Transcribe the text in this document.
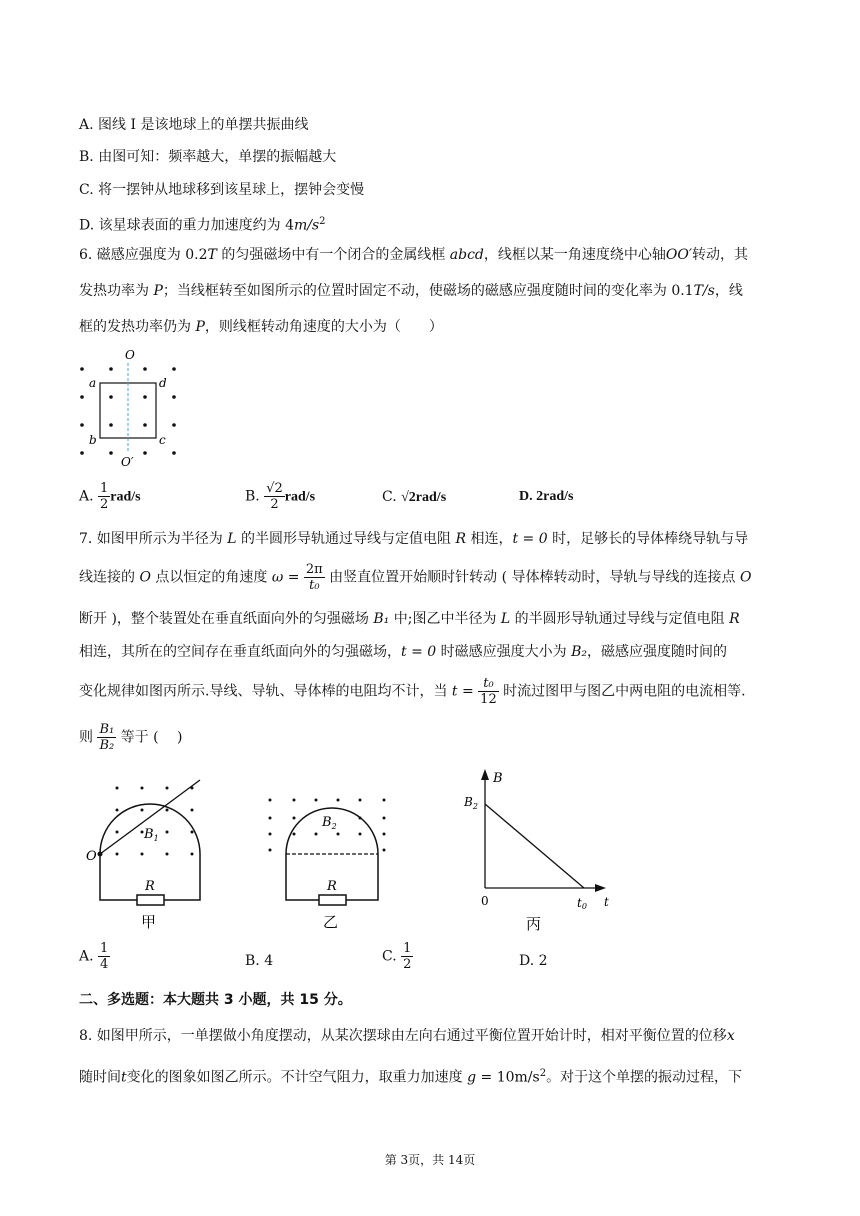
A. 图线 I 是该地球上的单摆共振曲线
B. 由图可知：频率越大，单摆的振幅越大
C. 将一摆钟从地球移到该星球上，摆钟会变慢
D. 该星球表面的重力加速度约为 $4m/s^2$
6. 磁感应强度为 0.2T 的匀强磁场中有一个闭合的金属线框 abcd，线框以某一角速度绕中心轴OO′转动，其
发热功率为 P；当线框转至如图所示的位置时固定不动，使磁场的磁感应强度随时间的变化率为 0.1T/s，线
框的发热功率仍为 P，则线框转动角速度的大小为（　　）
O
a	d
b	c
O′
A. $\frac{1}{2} rad/s$	B. $\frac{√2}{2} rad/s$	C. √2rad/s	D. 2rad/s
7. 如图甲所示为半径为 L 的半圆形导轨通过导线与定值电阻 R 相连，t = 0 时，足够长的导体棒绕导轨与导
线连接的 O 点以恒定的角速度 $\omega = \frac{2\pi}{\text{t₀}}$ 由竖直位置开始顺时针转动 ( 导体棒转动时，导轨与导线的连接点 O
断开 )，整个装置处在垂直纸面向外的匀强磁场 B₁ 中;图乙中半径为 L 的半圆形导轨通过导线与定值电阻 R
相连，其所在的空间存在垂直纸面向外的匀强磁场，t = 0 时磁感应强度大小为 B₂，磁感应强度随时间的
变化规律如图丙所示.导线、导轨、导体棒的电阻均不计，当 $t = \frac{\text{t₀}}{12}$ 时流过图甲与图乙中两电阻的电流相等.
则 $\frac{\text{B₁}}{\text{B₂}}$ 等于 (　 )
O
$B_1$
R
甲
$B_2$
R
乙
B
$B_2$
0	t0 t
丙
A. $\frac{1}{4}$	B. 4	C. $\frac{1}{2}$	D. 2
二、多选题：本大题共 3 小题，共 15 分。
8. 如图甲所示，一单摆做小角度摆动，从某次摆球由左向右通过平衡位置开始计时，相对平衡位置的位移x
随时间t变化的图象如图乙所示。不计空气阻力，取重力加速度 $g = 10m/s^2$。对于这个单摆的振动过程，下
第 3页，共 14页
